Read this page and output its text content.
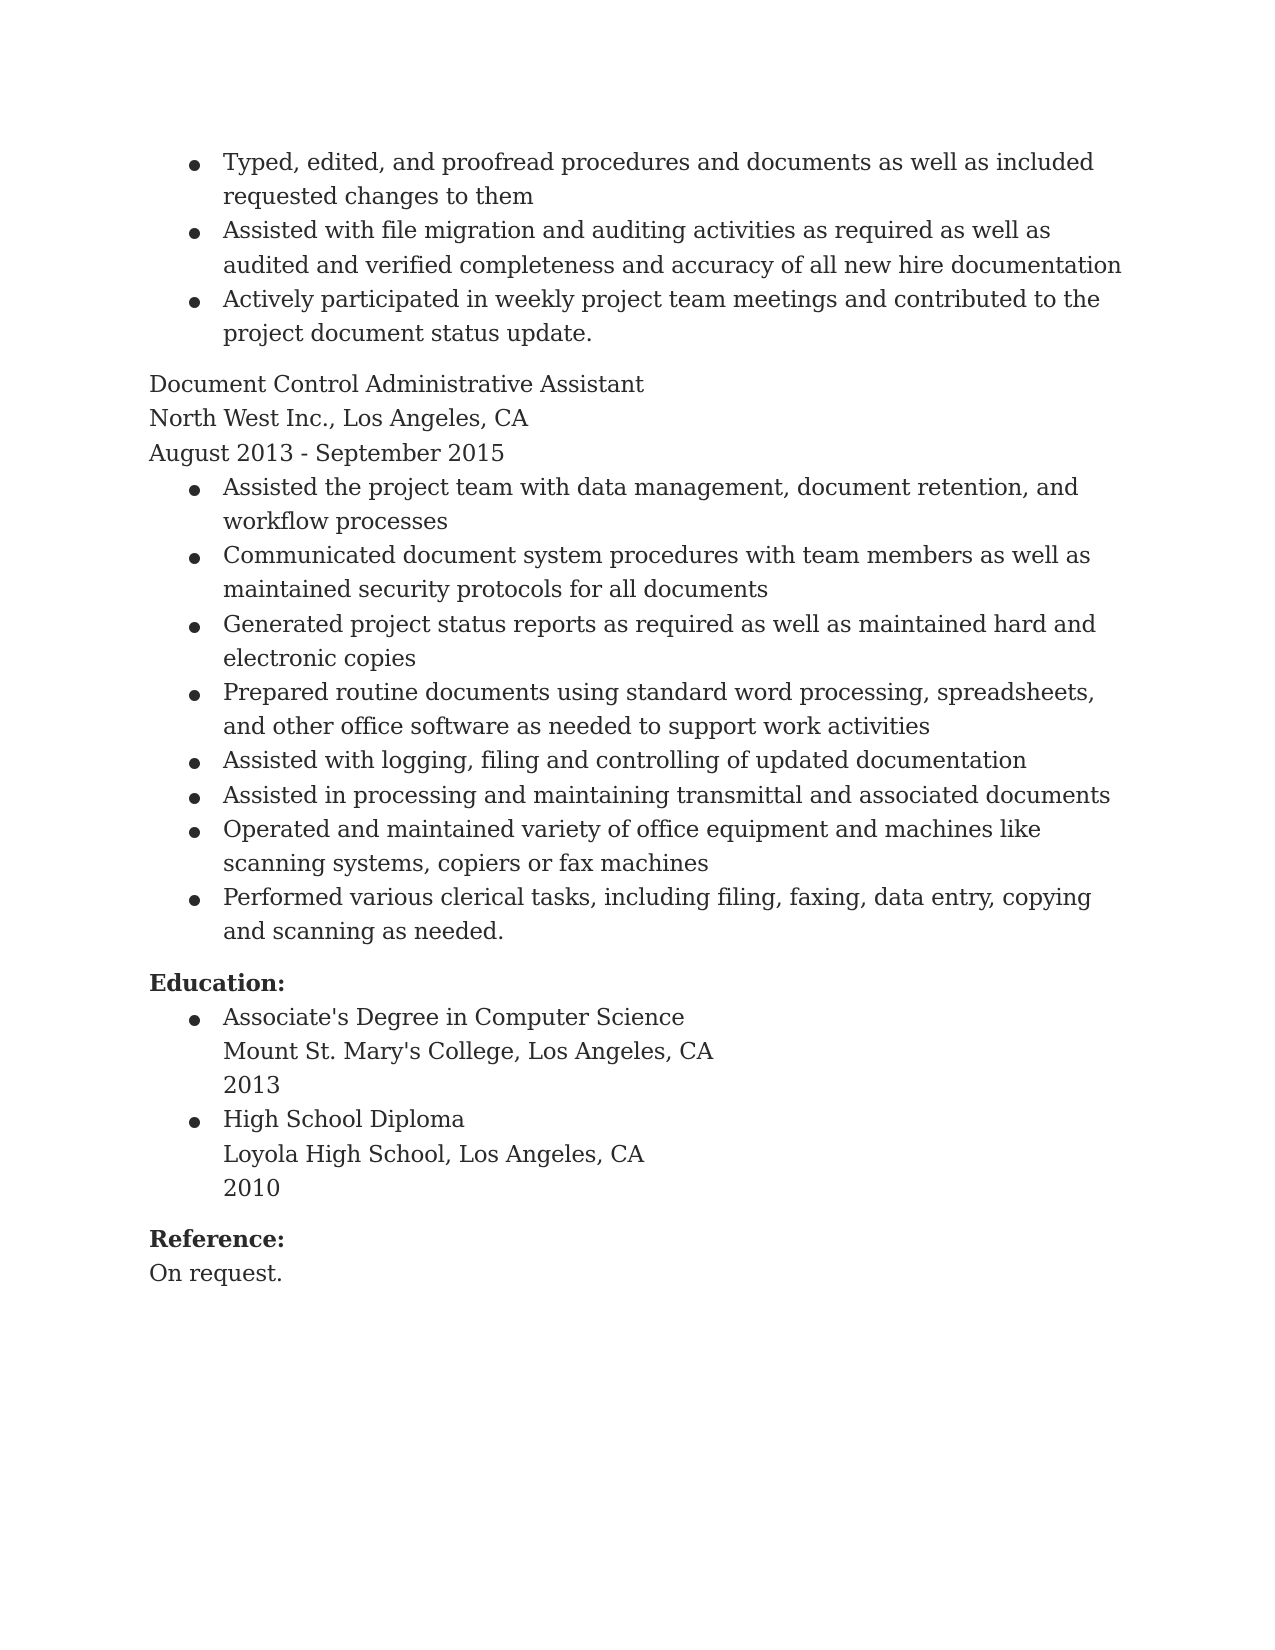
Typed, edited, and proofread procedures and documents as well as included requested changes to them
Assisted with file migration and auditing activities as required as well as audited and verified completeness and accuracy of all new hire documentation
Actively participated in weekly project team meetings and contributed to the project document status update.
Document Control Administrative Assistant
North West Inc., Los Angeles, CA
August 2013 - September 2015
Assisted the project team with data management, document retention, and workflow processes
Communicated document system procedures with team members as well as maintained security protocols for all documents
Generated project status reports as required as well as maintained hard and electronic copies
Prepared routine documents using standard word processing, spreadsheets, and other office software as needed to support work activities
Assisted with logging, filing and controlling of updated documentation
Assisted in processing and maintaining transmittal and associated documents
Operated and maintained variety of office equipment and machines like scanning systems, copiers or fax machines
Performed various clerical tasks, including filing, faxing, data entry, copying and scanning as needed.
Education:
Associate's Degree in Computer Science
Mount St. Mary's College, Los Angeles, CA
2013
High School Diploma
Loyola High School, Los Angeles, CA
2010
Reference:
On request.
